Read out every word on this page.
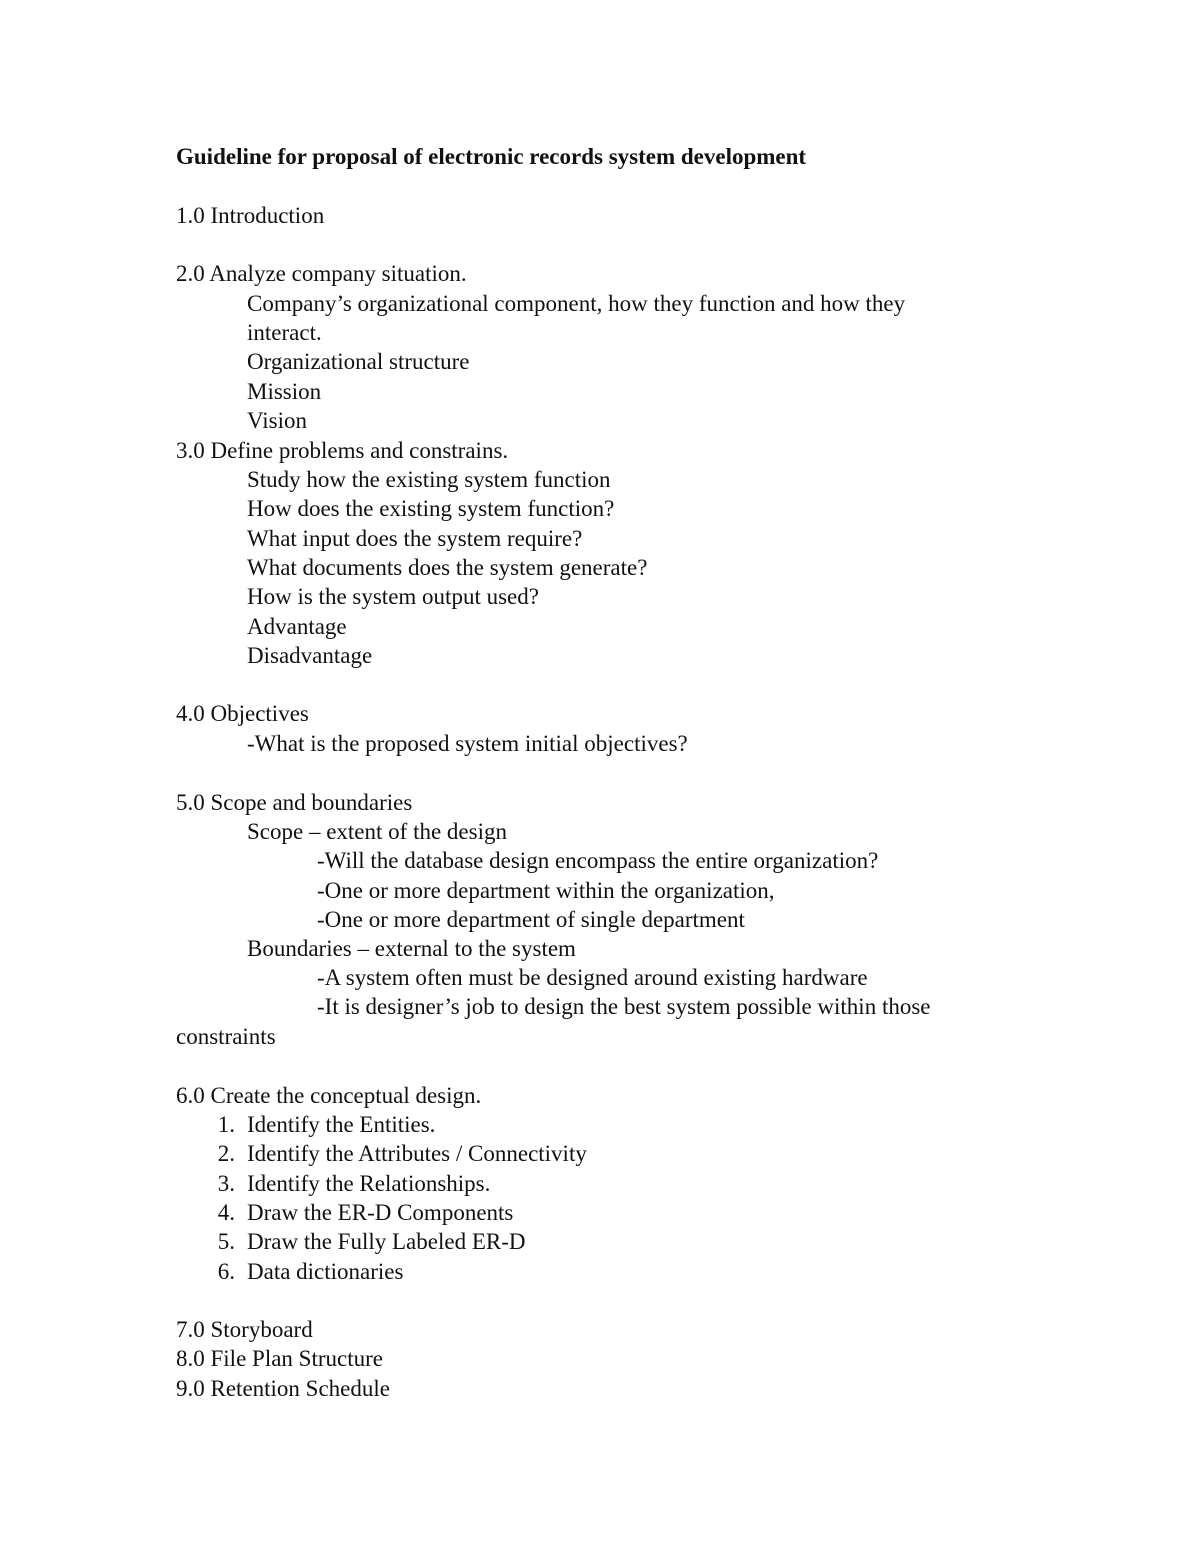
Guideline for proposal of electronic records system development
1.0 Introduction
2.0 Analyze company situation.
Company’s organizational component, how they function and how they
interact.
Organizational structure
Mission
Vision
3.0 Define problems and constrains.
Study how the existing system function
How does the existing system function?
What input does the system require?
What documents does the system generate?
How is the system output used?
Advantage
Disadvantage
4.0 Objectives
-What is the proposed system initial objectives?
5.0 Scope and boundaries
Scope – extent of the design
-Will the database design encompass the entire organization?
-One or more department within the organization,
-One or more department of single department
Boundaries – external to the system
-A system often must be designed around existing hardware
-It is designer’s job to design the best system possible within those
constraints
6.0 Create the conceptual design.
1. Identify the Entities.
2. Identify the Attributes / Connectivity
3. Identify the Relationships.
4. Draw the ER-D Components
5. Draw the Fully Labeled ER-D
6. Data dictionaries
7.0 Storyboard
8.0 File Plan Structure
9.0 Retention Schedule
